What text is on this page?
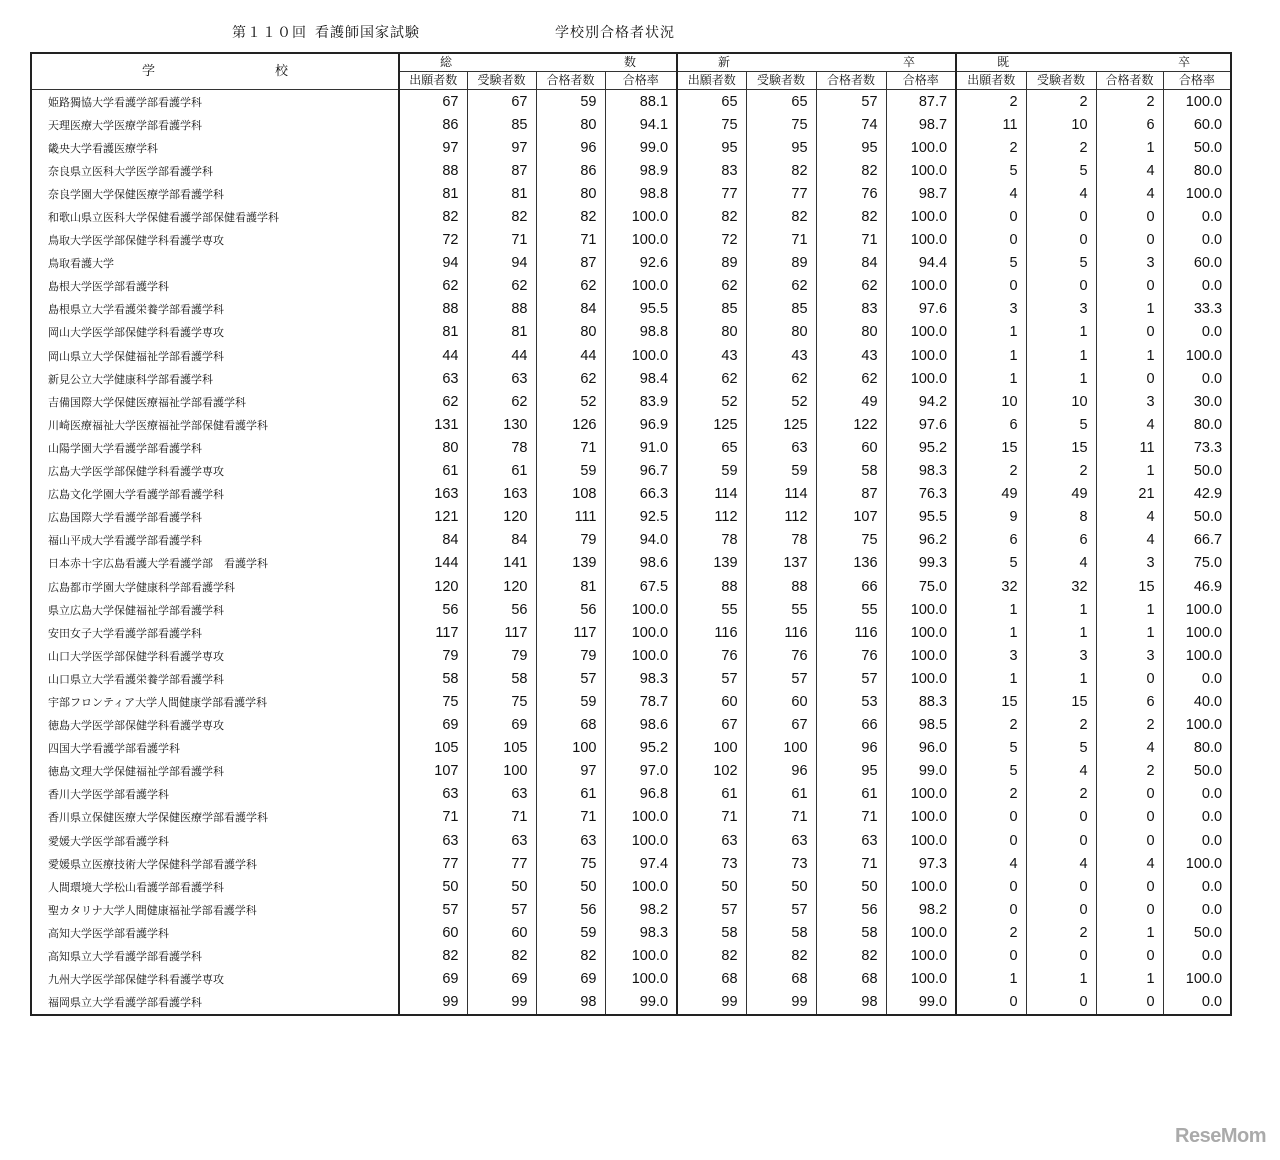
第１１０回 看護師国家試験	学校別合格者状況
学 校	総 数				新 卒				既 卒			

	出願者数	受験者数	合格者数	合格率	出願者数	受験者数	合格者数	合格率	出願者数	受験者数	合格者数	合格率
姫路獨協大学看護学部看護学科	67	67	59	88.1	65	65	57	87.7	2	2	2	100.0
天理医療大学医療学部看護学科	86	85	80	94.1	75	75	74	98.7	11	10	6	60.0
畿央大学看護医療学科	97	97	96	99.0	95	95	95	100.0	2	2	1	50.0
奈良県立医科大学医学部看護学科	88	87	86	98.9	83	82	82	100.0	5	5	4	80.0
奈良学園大学保健医療学部看護学科	81	81	80	98.8	77	77	76	98.7	4	4	4	100.0
和歌山県立医科大学保健看護学部保健看護学科	82	82	82	100.0	82	82	82	100.0	0	0	0	0.0
鳥取大学医学部保健学科看護学専攻	72	71	71	100.0	72	71	71	100.0	0	0	0	0.0
鳥取看護大学	94	94	87	92.6	89	89	84	94.4	5	5	3	60.0
島根大学医学部看護学科	62	62	62	100.0	62	62	62	100.0	0	0	0	0.0
島根県立大学看護栄養学部看護学科	88	88	84	95.5	85	85	83	97.6	3	3	1	33.3
岡山大学医学部保健学科看護学専攻	81	81	80	98.8	80	80	80	100.0	1	1	0	0.0
岡山県立大学保健福祉学部看護学科	44	44	44	100.0	43	43	43	100.0	1	1	1	100.0
新見公立大学健康科学部看護学科	63	63	62	98.4	62	62	62	100.0	1	1	0	0.0
吉備国際大学保健医療福祉学部看護学科	62	62	52	83.9	52	52	49	94.2	10	10	3	30.0
川崎医療福祉大学医療福祉学部保健看護学科	131	130	126	96.9	125	125	122	97.6	6	5	4	80.0
山陽学園大学看護学部看護学科	80	78	71	91.0	65	63	60	95.2	15	15	11	73.3
広島大学医学部保健学科看護学専攻	61	61	59	96.7	59	59	58	98.3	2	2	1	50.0
広島文化学園大学看護学部看護学科	163	163	108	66.3	114	114	87	76.3	49	49	21	42.9
広島国際大学看護学部看護学科	121	120	111	92.5	112	112	107	95.5	9	8	4	50.0
福山平成大学看護学部看護学科	84	84	79	94.0	78	78	75	96.2	6	6	4	66.7
日本赤十字広島看護大学看護学部　看護学科	144	141	139	98.6	139	137	136	99.3	5	4	3	75.0
広島都市学園大学健康科学部看護学科	120	120	81	67.5	88	88	66	75.0	32	32	15	46.9
県立広島大学保健福祉学部看護学科	56	56	56	100.0	55	55	55	100.0	1	1	1	100.0
安田女子大学看護学部看護学科	117	117	117	100.0	116	116	116	100.0	1	1	1	100.0
山口大学医学部保健学科看護学専攻	79	79	79	100.0	76	76	76	100.0	3	3	3	100.0
山口県立大学看護栄養学部看護学科	58	58	57	98.3	57	57	57	100.0	1	1	0	0.0
宇部フロンティア大学人間健康学部看護学科	75	75	59	78.7	60	60	53	88.3	15	15	6	40.0
徳島大学医学部保健学科看護学専攻	69	69	68	98.6	67	67	66	98.5	2	2	2	100.0
四国大学看護学部看護学科	105	105	100	95.2	100	100	96	96.0	5	5	4	80.0
徳島文理大学保健福祉学部看護学科	107	100	97	97.0	102	96	95	99.0	5	4	2	50.0
香川大学医学部看護学科	63	63	61	96.8	61	61	61	100.0	2	2	0	0.0
香川県立保健医療大学保健医療学部看護学科	71	71	71	100.0	71	71	71	100.0	0	0	0	0.0
愛媛大学医学部看護学科	63	63	63	100.0	63	63	63	100.0	0	0	0	0.0
愛媛県立医療技術大学保健科学部看護学科	77	77	75	97.4	73	73	71	97.3	4	4	4	100.0
人間環境大学松山看護学部看護学科	50	50	50	100.0	50	50	50	100.0	0	0	0	0.0
聖カタリナ大学人間健康福祉学部看護学科	57	57	56	98.2	57	57	56	98.2	0	0	0	0.0
高知大学医学部看護学科	60	60	59	98.3	58	58	58	100.0	2	2	1	50.0
高知県立大学看護学部看護学科	82	82	82	100.0	82	82	82	100.0	0	0	0	0.0
九州大学医学部保健学科看護学専攻	69	69	69	100.0	68	68	68	100.0	1	1	1	100.0
福岡県立大学看護学部看護学科	99	99	98	99.0	99	99	98	99.0	0	0	0	0.0
ReseMom
